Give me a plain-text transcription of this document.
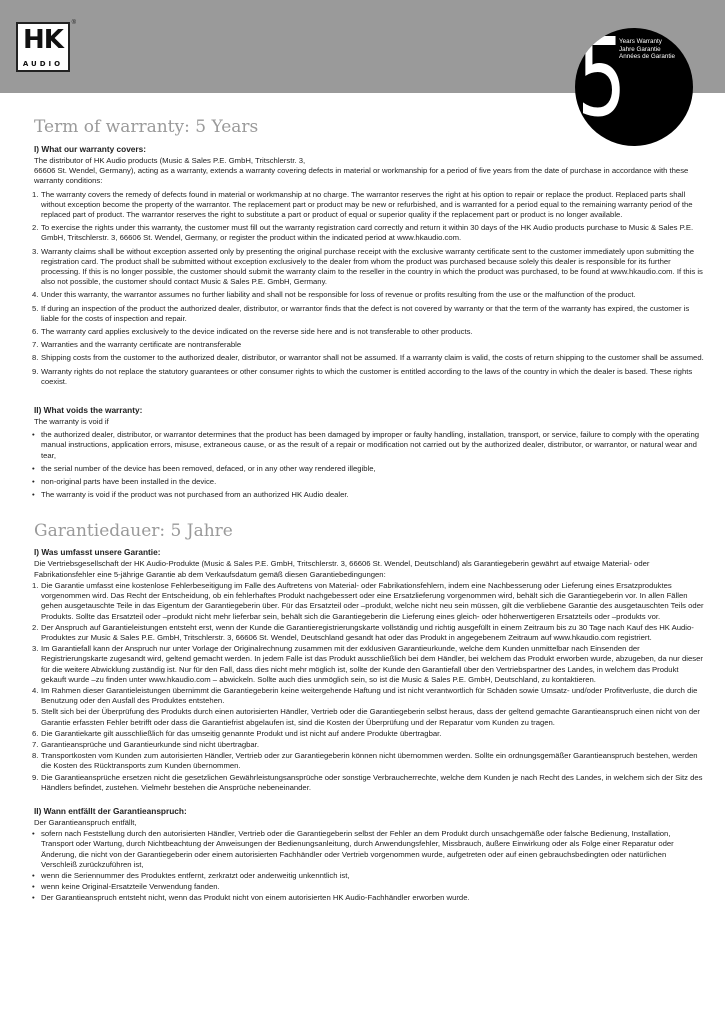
HK
AUDIO
®	5
Years Warranty
Jahre Garantie
Années de Garantie
Term of warranty: 5 Years
I) What our warranty covers:

The distributor of HK Audio products (Music & Sales P.E. GmbH, Tritschlerstr. 3,
66606 St. Wendel, Germany), acting as a warranty, extends a warranty covering defects in material or workmanship for a period of five years from the date of purchase in accordance with these warranty conditions:

1. The warranty covers the remedy of defects found in material or workmanship at no charge. The warrantor reserves the right at his option to repair or replace the product. Replaced parts shall without exception become the property of the warrantor. The replacement part or product may be new or refurbished, and is warranted for a period equal to the remaining warranty period of the replaced part of product. The warrantor reserves the right to substitute a part or product of equal or superior quality if the replacement part or product is no longer available.
2. To exercise the rights under this warranty, the customer must fill out the warranty registration card correctly and return it within 30 days of the HK Audio products purchase to Music & Sales P.E. GmbH, Tritschlerstr. 3, 66606 St. Wendel, Germany, or register the product within the indicated period at www.hkaudio.com.
3. Warranty claims shall be without exception asserted only by presenting the original purchase receipt with the exclusive warranty certificate sent to the customer immediately upon submitting the registration card. The product shall be submitted without exception exclusively to the dealer from whom the product was purchased because solely this dealer is responsible for its further processing. If this is no longer possible, the customer should submit the warranty claim to the reseller in the country in which the product was purchased, to be found at www.hkaudio.com. If this is also not possible, the customer should contact Music & Sales P.E. GmbH, Germany.
4. Under this warranty, the warrantor assumes no further liability and shall not be responsible for loss of revenue or profits resulting from the use or the malfunction of the product.
5. If during an inspection of the product the authorized dealer, distributor, or warrantor finds that the defect is not covered by warranty or that the term of the warranty has expired, the customer is liable for the costs of inspection and repair.
6. The warranty card applies exclusively to the device indicated on the reverse side here and is not transferable to other products.
7. Warranties and the warranty certificate are nontransferable
8. Shipping costs from the customer to the authorized dealer, distributor, or warrantor shall not be assumed. If a warranty claim is valid, the costs of return shipping to the customer shall be assumed.
9. Warranty rights do not replace the statutory guarantees or other consumer rights to which the customer is entitled according to the laws of the country in which the dealer is based. These rights coexist.
II) What voids the warranty:

The warranty is void if

• the authorized dealer, distributor, or warrantor determines that the product has been damaged by improper or faulty handling, installation, transport, or service, failure to comply with the operating manual instructions, application errors, misuse, extraneous cause, or as the result of a repair or modification not carried out by the authorized dealer, distributor, or warrantor, or natural wear and tear,
• the serial number of the device has been removed, defaced, or in any other way rendered illegible,
• non-original parts have been installed in the device.
• The warranty is void if the product was not purchased from an authorized HK Audio dealer.
Garantiedauer: 5 Jahre
I) Was umfasst unsere Garantie:

Die Vertriebsgesellschaft der HK Audio-Produkte (Music & Sales P.E. GmbH, Tritschlerstr. 3, 66606 St. Wendel, Deutschland) als Garantiegeberin gewährt auf etwaige Material- oder Fabrikationsfehler eine 5-jährige Garantie ab dem Verkaufsdatum gemäß diesen Garantiebedingungen:

1. Die Garantie umfasst eine kostenlose Fehlerbeseitigung im Falle des Auftretens von Material- oder Fabrikationsfehlern, indem eine Nachbesserung oder Lieferung eines Ersatzproduktes vorgenommen wird. Das Recht der Entscheidung, ob ein fehlerhaftes Produkt nachgebessert oder eine Ersatzlieferung vorgenommen wird, behält sich die Garantiegeberin vor. In allen Fällen gehen ausgetauschte Teile in das Eigentum der Garantiegeberin über. Für das Ersatzteil oder –produkt, welche nicht neu sein müssen, gilt die verbliebene Garantie des ausgetauschten Teils oder Produkts. Sollte das Ersatzteil oder –produkt nicht mehr lieferbar sein, behält sich die Garantiegeberin die Lieferung eines gleich- oder höherwertigeren Ersatzteils oder –produkts vor.
2. Der Anspruch auf Garantieleistungen entsteht erst, wenn der Kunde die Garantieregistrierungskarte vollständig und richtig ausgefüllt in einem Zeitraum bis zu 30 Tage nach Kauf des HK Audio-Produktes zur Music & Sales P.E. GmbH, Tritschlerstr. 3, 66606 St. Wendel, Deutschland gesandt hat oder das Produkt in angegebenem Zeitraum auf www.hkaudio.com registriert.
3. Im Garantiefall kann der Anspruch nur unter Vorlage der Originalrechnung zusammen mit der exklusiven Garantieurkunde, welche dem Kunden unmittelbar nach Einsenden der Registrierungskarte zugesandt wird, geltend gemacht werden. In jedem Falle ist das Produkt ausschließlich bei dem Händler, bei welchem das Produkt erworben wurde, abzugeben, da nur dieser für die weitere Abwicklung zuständig ist. Nur für den Fall, dass dies nicht mehr möglich ist, sollte der Kunde den Garantiefall über den Vertriebspartner des Landes, in welchem das Produkt gekauft wurde –zu finden unter www.hkaudio.com – abwickeln. Sollte auch dies unmöglich sein, so ist die Music & Sales P.E. GmbH, Deutschland, zu kontaktieren.
4. Im Rahmen dieser Garantieleistungen übernimmt die Garantiegeberin keine weitergehende Haftung und ist nicht verantwortlich für Schäden sowie Umsatz- und/oder Profitverluste, die durch die Benutzung oder den Ausfall des Produktes entstehen.
5. Stellt sich bei der Überprüfung des Produkts durch einen autorisierten Händler, Vertrieb oder die Garantiegeberin selbst heraus, dass der geltend gemachte Garantieanspruch einen nicht von der Garantie erfassten Fehler betrifft oder dass die Garantiefrist abgelaufen ist, sind die Kosten der Überprüfung und der Reparatur vom Kunden zu tragen.
6. Die Garantiekarte gilt ausschließlich für das umseitig genannte Produkt und ist nicht auf andere Produkte übertragbar.
7. Garantieansprüche und Garantieurkunde sind nicht übertragbar.
8. Transportkosten vom Kunden zum autorisierten Händler, Vertrieb oder zur Garantiegeberin können nicht übernommen werden. Sollte ein ordnungsgemäßer Garantieanspruch bestehen, werden die Kosten des Rücktransports zum Kunden übernommen.
9. Die Garantieansprüche ersetzen nicht die gesetzlichen Gewährleistungsansprüche oder sonstige Verbraucherrechte, welche dem Kunden je nach Recht des Landes, in welchem sich der Sitz des Händlers befindet, zustehen. Vielmehr bestehen die Ansprüche nebeneinander.
II) Wann entfällt der Garantieanspruch:

Der Garantieanspruch entfällt,

• sofern nach Feststellung durch den autorisierten Händler, Vertrieb oder die Garantiegeberin selbst der Fehler an dem Produkt durch unsachgemäße oder falsche Bedienung, Installation, Transport oder Wartung, durch Nichtbeachtung der Anweisungen der Bedienungsanleitung, durch Anwendungsfehler, Missbrauch, äußere Einwirkung oder als Folge einer Reparatur oder Änderung, die nicht von der Garantiegeberin oder einem autorisierten Fachhändler oder Vertrieb vorgenommen wurde, aufgetreten oder auf einen gebrauchsbedingten oder natürlichen Verschleiß zurückzuführen ist,
• wenn die Seriennummer des Produktes entfernt, zerkratzt oder anderweitig unkenntlich ist,
• wenn keine Original-Ersatzteile Verwendung fanden.
• Der Garantieanspruch entsteht nicht, wenn das Produkt nicht von einem autorisierten HK Audio-Fachhändler erworben wurde.
